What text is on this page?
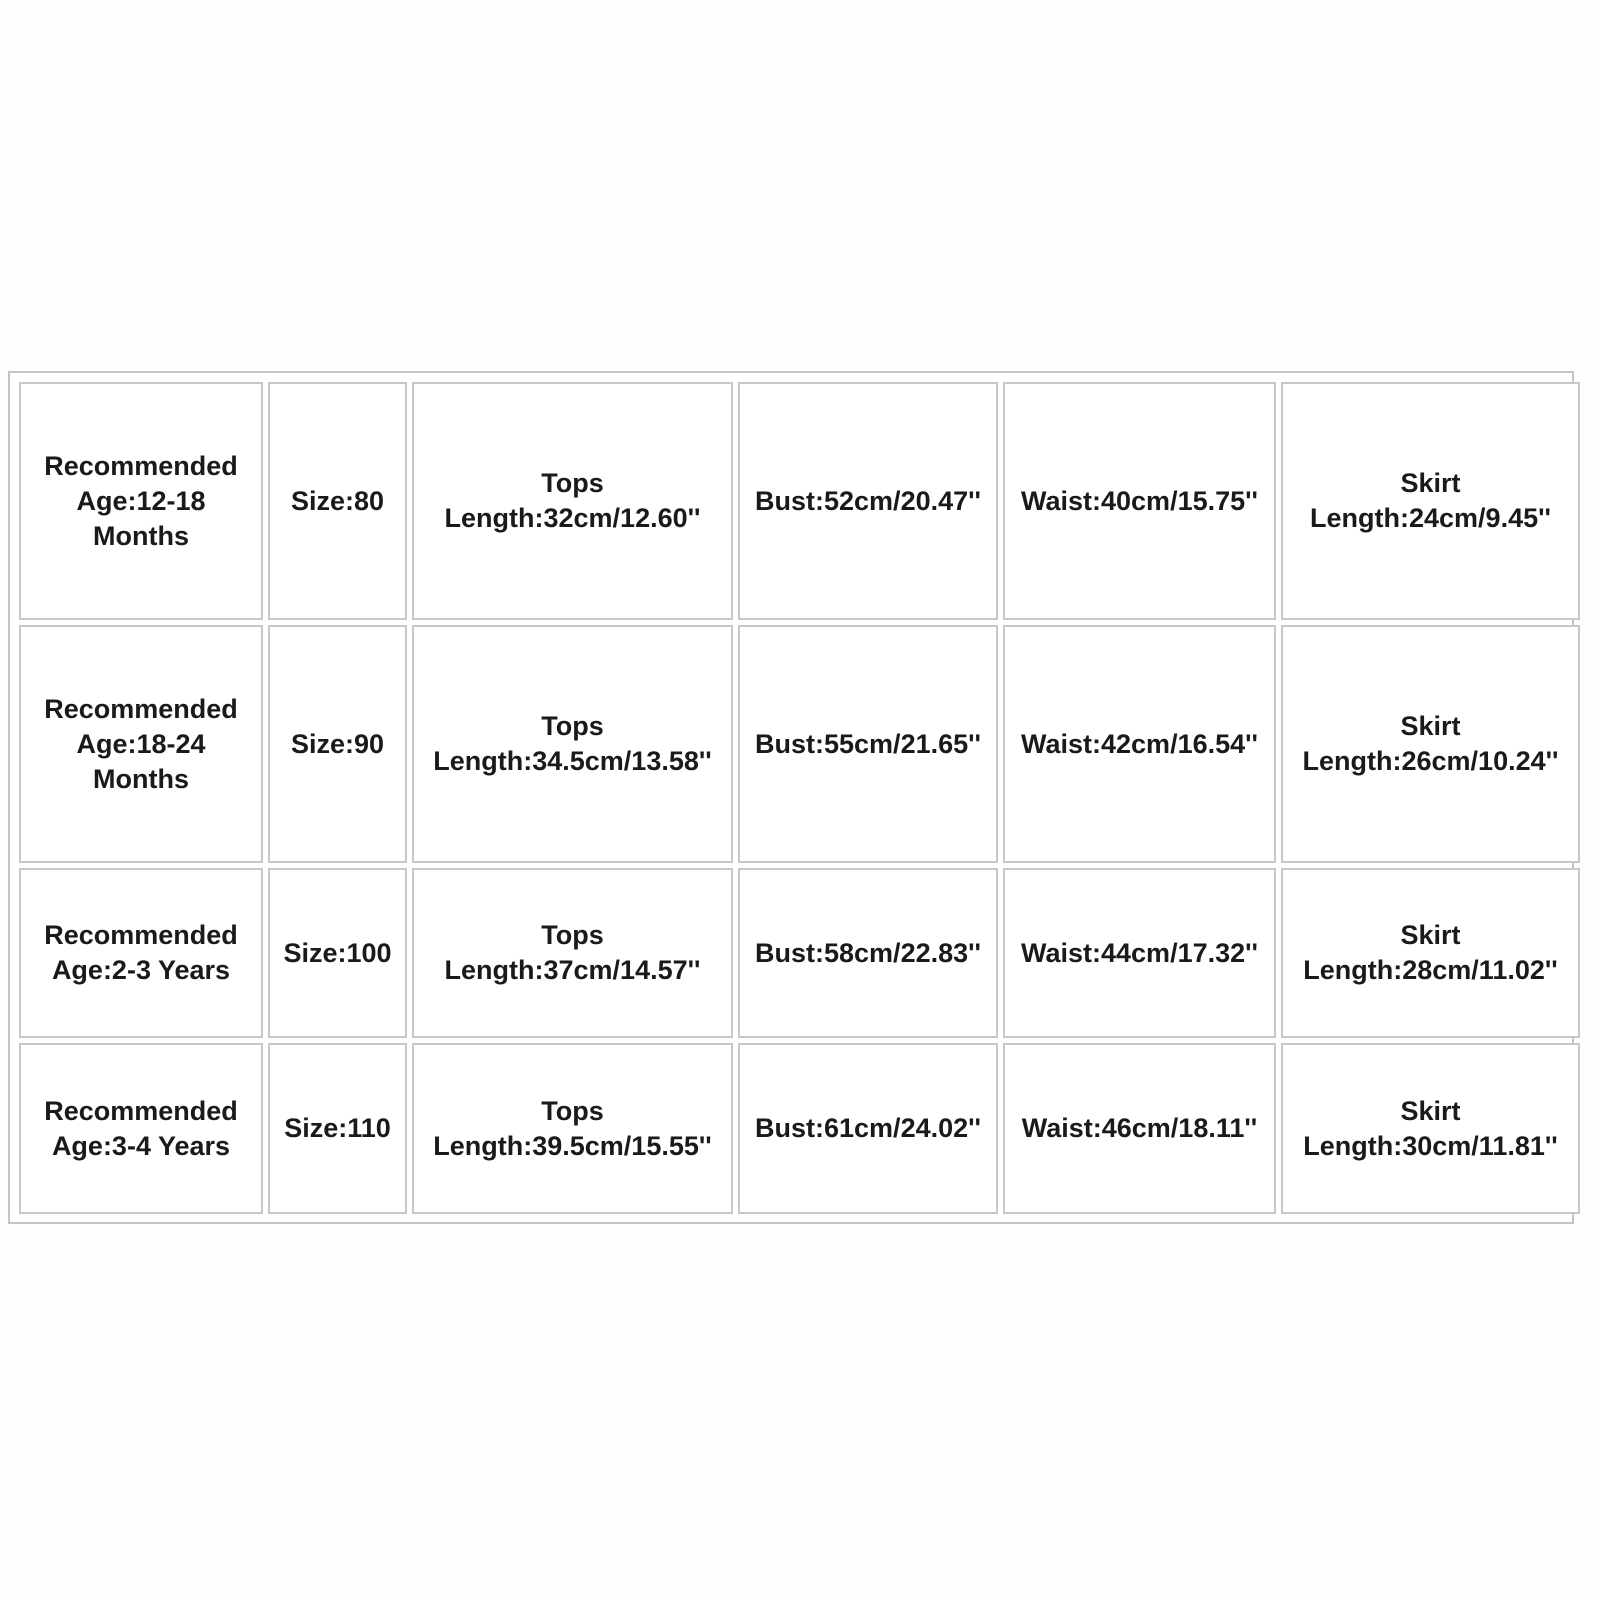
Recommended
Age:12-18
Months	Size:80	Tops
Length:32cm/12.60''	Bust:52cm/20.47''	Waist:40cm/15.75''	Skirt
Length:24cm/9.45''
Recommended
Age:18-24
Months	Size:90	Tops
Length:34.5cm/13.58''	Bust:55cm/21.65''	Waist:42cm/16.54''	Skirt
Length:26cm/10.24''
Recommended
Age:2-3 Years	Size:100	Tops
Length:37cm/14.57''	Bust:58cm/22.83''	Waist:44cm/17.32''	Skirt
Length:28cm/11.02''
Recommended
Age:3-4 Years	Size:110	Tops
Length:39.5cm/15.55''	Bust:61cm/24.02''	Waist:46cm/18.11''	Skirt
Length:30cm/11.81''
